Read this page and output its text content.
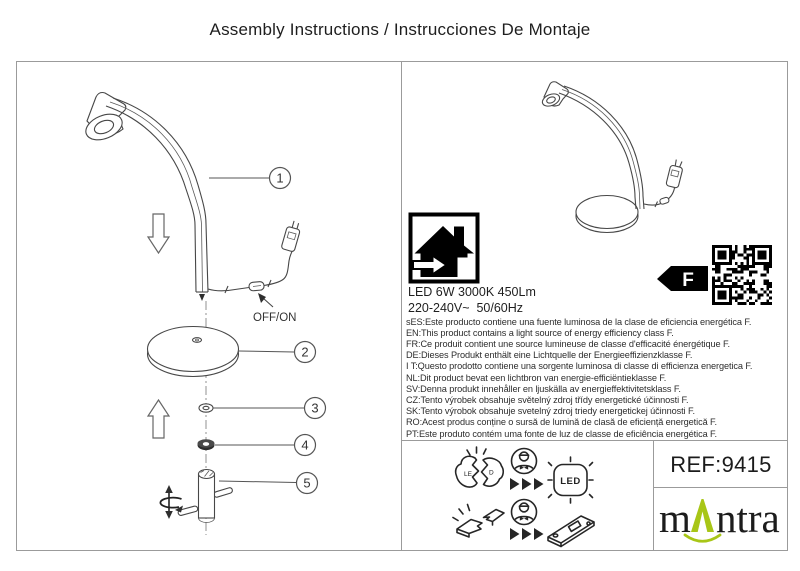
Assembly Instructions / Instrucciones De Montaje
OFF/ON
1
2
3
4
5
LED 6W 3000K 450Lm
220-240V~  50/60Hz
F
sES:Este producto contiene una fuente luminosa de la clase de eficiencia energética F.
EN:This product contains a light source of energy efficiency class F.
FR:Ce produit contient une source lumineuse de classe d'efficacité énergétique F.
DE:Dieses Produkt enthält eine Lichtquelle der Energieeffizienzklasse F.
I T:Questo prodotto contiene una sorgente luminosa di classe di efficienza energetica F.
NL:Dit product bevat een lichtbron van energie-efficiëntieklasse F.
SV:Denna produkt innehåller en ljuskälla av energieffektivitetsklass F.
CZ:Tento výrobek obsahuje světelný zdroj třídy energetické účinnosti F.
SK:Tento výrobok obsahuje svetelný zdroj triedy energetickej účinnosti F.
RO:Acest produs conține o sursă de lumină de clasă de eficiență energetică F.
PT:Este produto contém uma fonte de luz de classe de eficiência energética F.
LE	D
LED
REF:9415
m ntra
